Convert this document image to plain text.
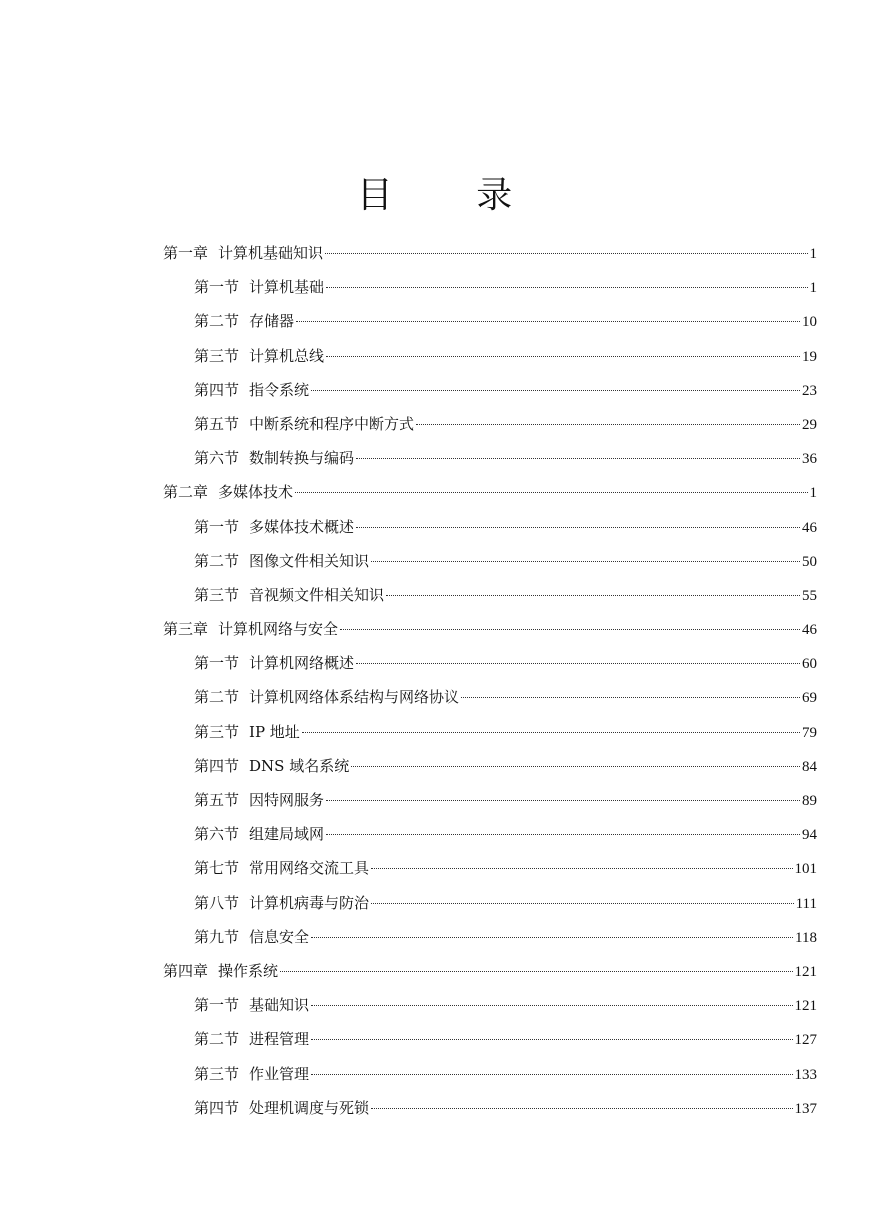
目 录
第一章 计算机基础知识	1
第一节 计算机基础	1
第二节 存储器	10
第三节 计算机总线	19
第四节 指令系统	23
第五节 中断系统和程序中断方式	29
第六节 数制转换与编码	36
第二章 多媒体技术	1
第一节 多媒体技术概述	46
第二节 图像文件相关知识	50
第三节 音视频文件相关知识	55
第三章 计算机网络与安全	46
第一节 计算机网络概述	60
第二节 计算机网络体系结构与网络协议	69
第三节 IP 地址	79
第四节 DNS 域名系统	84
第五节 因特网服务	89
第六节 组建局域网	94
第七节 常用网络交流工具	101
第八节 计算机病毒与防治	111
第九节 信息安全	118
第四章 操作系统	121
第一节 基础知识	121
第二节 进程管理	127
第三节 作业管理	133
第四节 处理机调度与死锁	137
